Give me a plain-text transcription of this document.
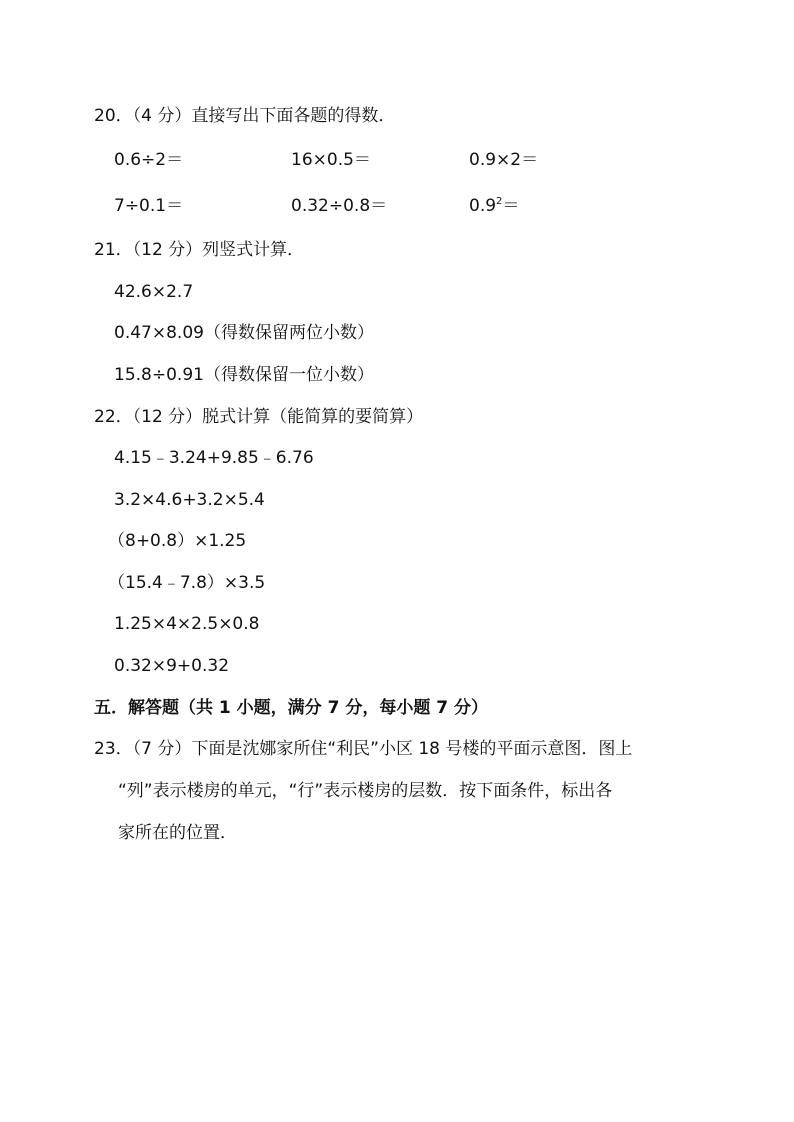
20．（4 分）直接写出下面各题的得数．
0.6÷2＝	16×0.5＝	0.9×2＝
7÷0.1＝	0.32÷0.8＝	$0.9^2=$
21．（12 分）列竖式计算．
42.6×2.7
0.47×8.09（得数保留两位小数）
15.8÷0.91（得数保留一位小数）
22．（12 分）脱式计算（能简算的要简算）
4.15﹣3.24+9.85﹣6.76
3.2×4.6+3.2×5.4
（8+0.8）×1.25
（15.4﹣7.8）×3.5
1.25×4×2.5×0.8
0.32×9+0.32
五．解答题（共 1 小题，满分 7 分，每小题 7 分）
23．（7 分）下面是沈娜家所住“利民”小区 18 号楼的平面示意图．图上
“列”表示楼房的单元，“行”表示楼房的层数．按下面条件，标出各
家所在的位置．
